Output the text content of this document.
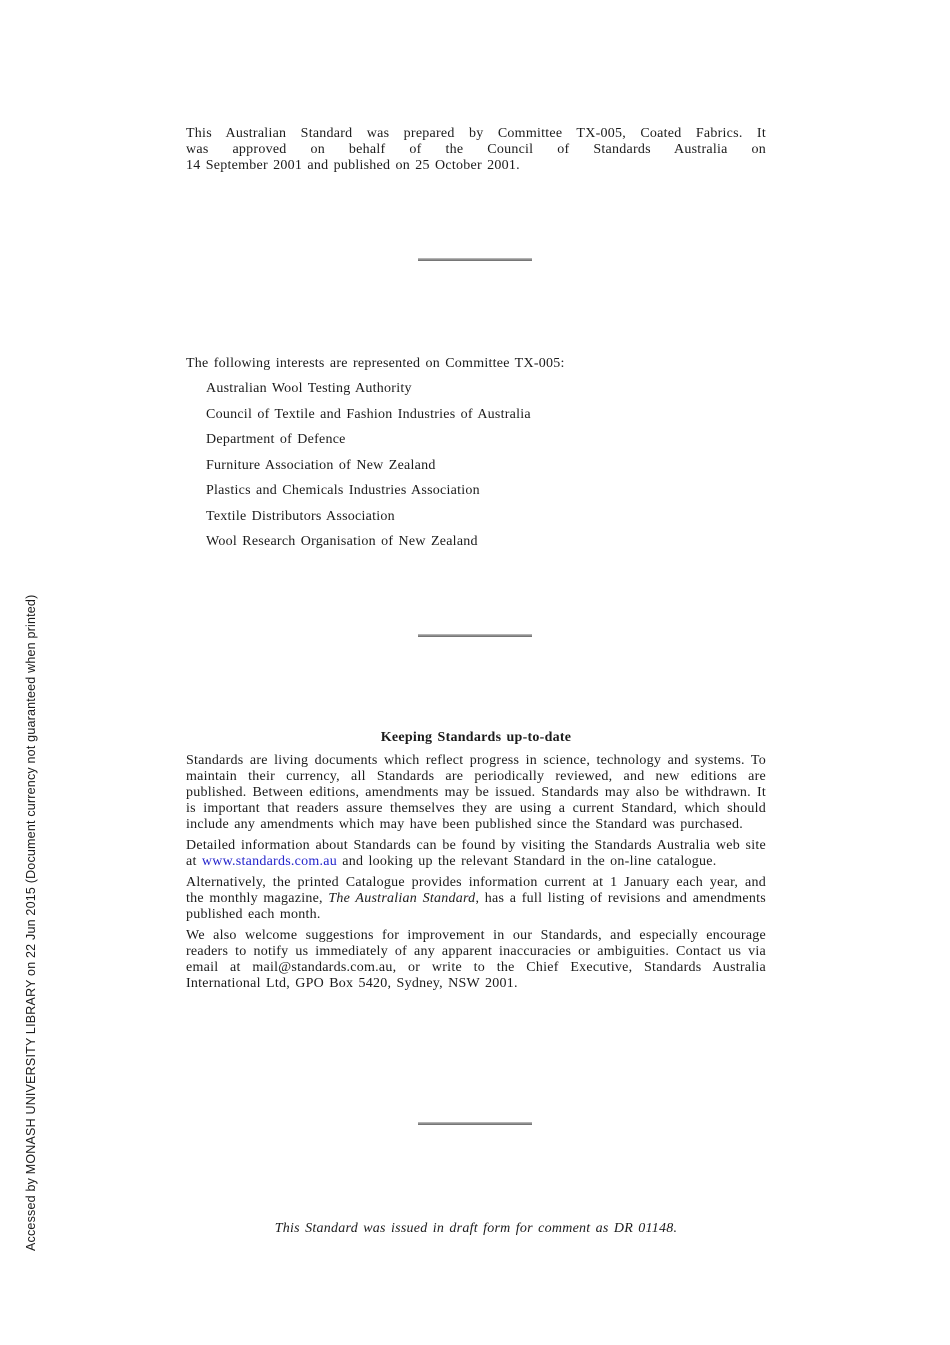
Accessed by MONASH UNIVERSITY LIBRARY on 22 Jun 2015 (Document currency not guaranteed when printed)
This Australian Standard was prepared by Committee TX-005, Coated Fabrics. It
was approved on behalf of the Council of Standards Australia on
14 September 2001 and published on 25 October 2001.

The following interests are represented on Committee TX-005:

Australian Wool Testing Authority
Council of Textile and Fashion Industries of Australia
Department of Defence
Furniture Association of New Zealand
Plastics and Chemicals Industries Association
Textile Distributors Association
Wool Research Organisation of New Zealand
Keeping Standards up-to-date

Standards are living documents which reflect progress in science, technology and systems. To maintain their currency, all Standards are periodically reviewed, and new editions are published. Between editions, amendments may be issued. Standards may also be withdrawn. It is important that readers assure themselves they are using a current Standard, which should include any amendments which may have been published since the Standard was purchased.

Detailed information about Standards can be found by visiting the Standards Australia web site at www.standards.com.au and looking up the relevant Standard in the on-line catalogue.

Alternatively, the printed Catalogue provides information current at 1 January each year, and the monthly magazine, The Australian Standard, has a full listing of revisions and amendments published each month.

We also welcome suggestions for improvement in our Standards, and especially encourage readers to notify us immediately of any apparent inaccuracies or ambiguities. Contact us via email at mail@standards.com.au, or write to the Chief Executive, Standards Australia International Ltd, GPO Box 5420, Sydney, NSW 2001.

This Standard was issued in draft form for comment as DR 01148.
